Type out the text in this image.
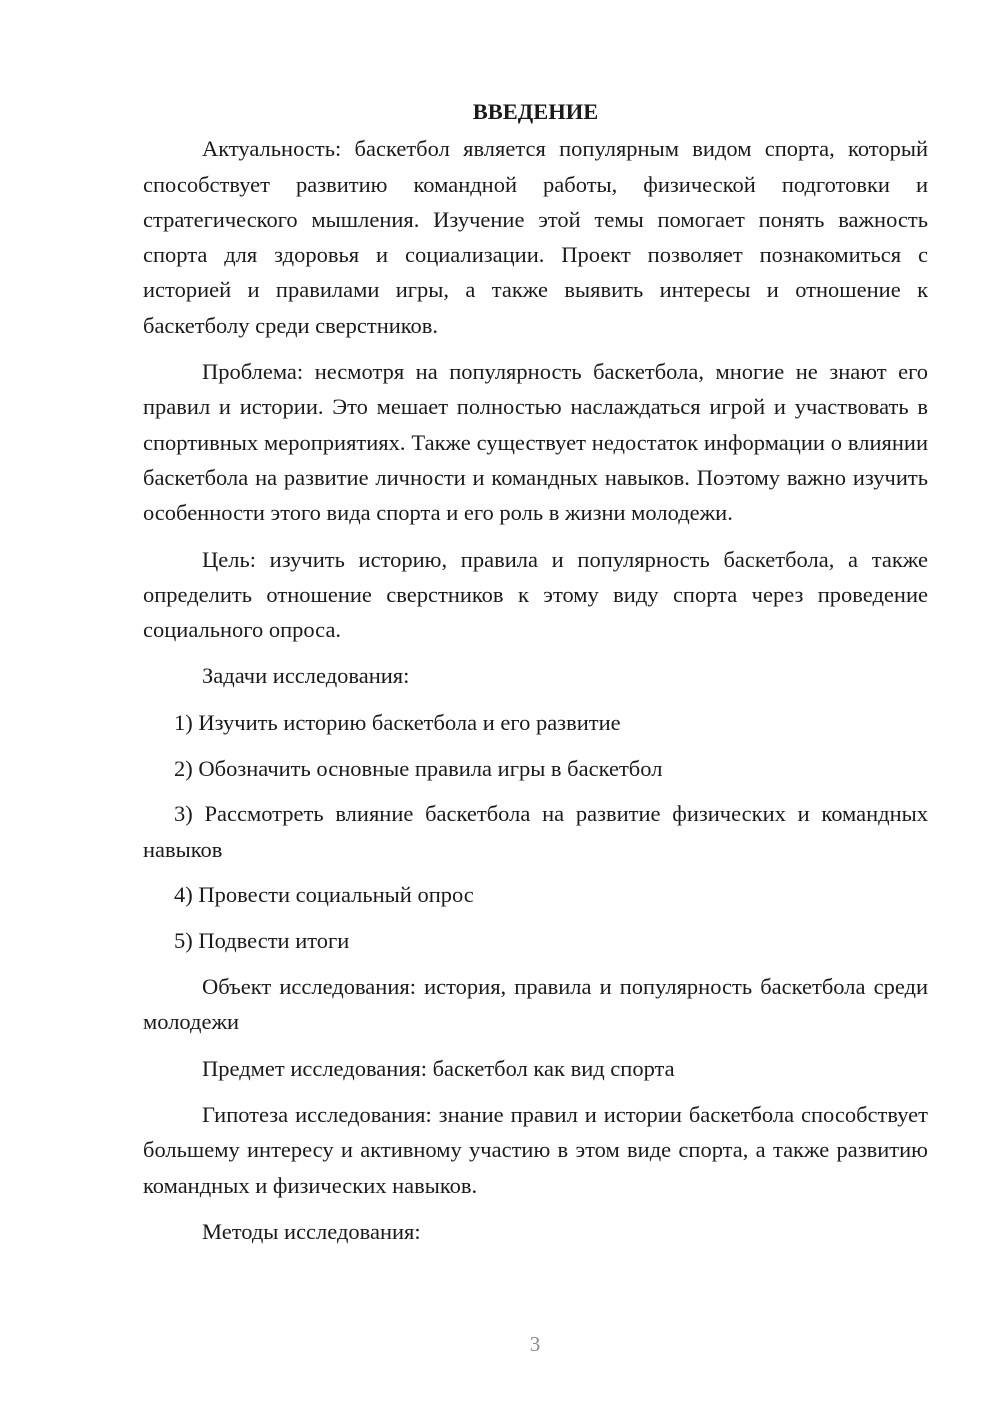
ВВЕДЕНИЕ

Актуальность: баскетбол является популярным видом спорта, который способствует развитию командной работы, физической подготовки и стратегического мышления. Изучение этой темы помогает понять важность спорта для здоровья и социализации. Проект позволяет познакомиться с историей и правилами игры, а также выявить интересы и отношение к баскетболу среди сверстников.

Проблема: несмотря на популярность баскетбола, многие не знают его правил и истории. Это мешает полностью наслаждаться игрой и участвовать в спортивных мероприятиях. Также существует недостаток информации о влиянии баскетбола на развитие личности и командных навыков. Поэтому важно изучить особенности этого вида спорта и его роль в жизни молодежи.

Цель: изучить историю, правила и популярность баскетбола, а также определить отношение сверстников к этому виду спорта через проведение социального опроса.

Задачи исследования:

1) Изучить историю баскетбола и его развитие

2) Обозначить основные правила игры в баскетбол

3) Рассмотреть влияние баскетбола на развитие физических и командных навыков

4) Провести социальный опрос

5) Подвести итоги

Объект исследования: история, правила и популярность баскетбола среди молодежи

Предмет исследования: баскетбол как вид спорта

Гипотеза исследования: знание правил и истории баскетбола способствует большему интересу и активному участию в этом виде спорта, а также развитию командных и физических навыков.

Методы исследования:

3
